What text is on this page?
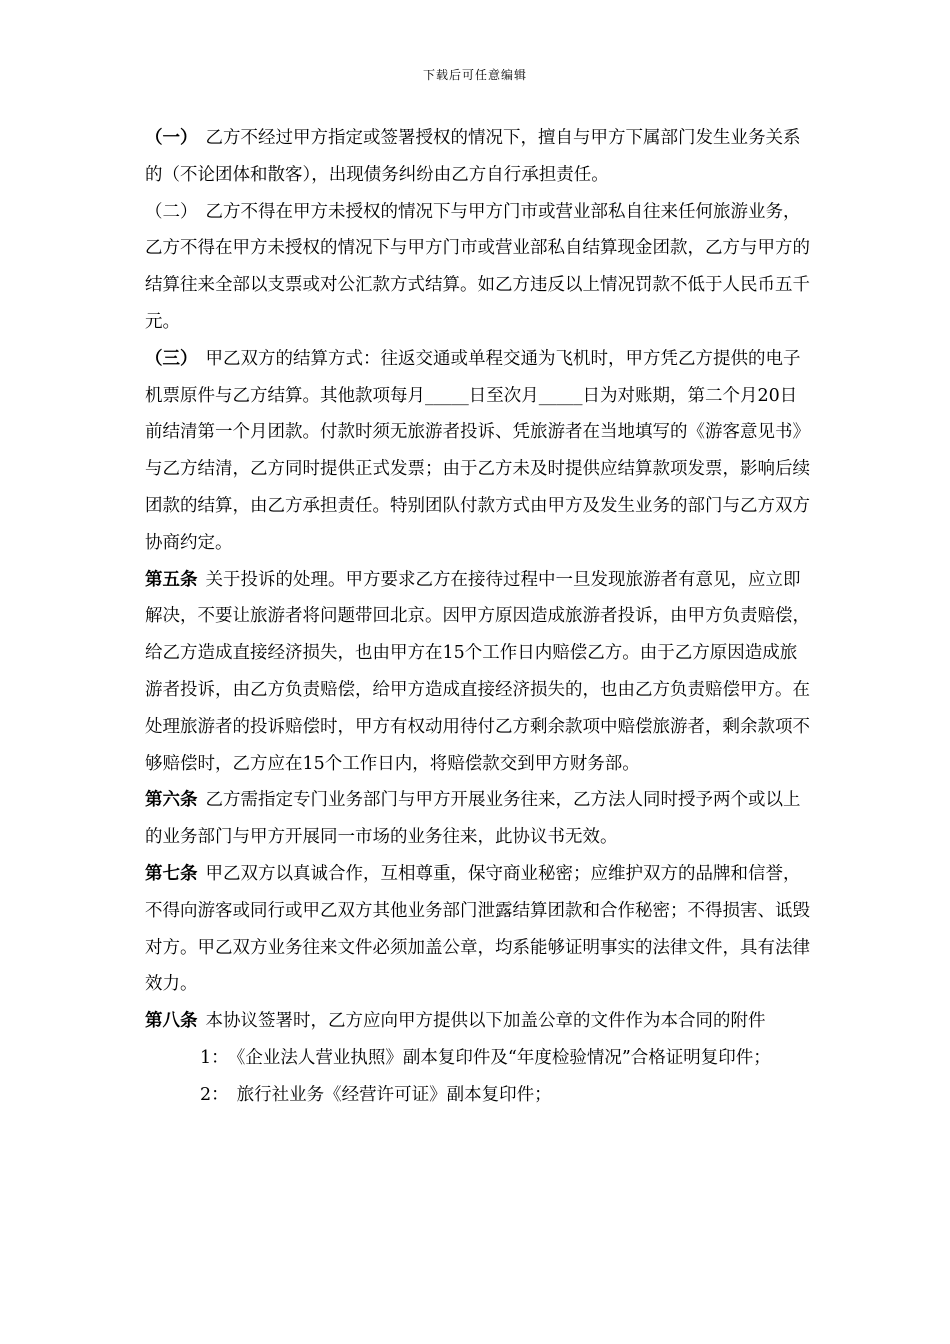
下载后可任意编辑

（一） 乙方不经过甲方指定或签署授权的情况下，擅自与甲方下属部门发生业务关系的（不论团体和散客），出现债务纠纷由乙方自行承担责任。

（二） 乙方不得在甲方未授权的情况下与甲方门市或营业部私自往来任何旅游业务，乙方不得在甲方未授权的情况下与甲方门市或营业部私自结算现金团款，乙方与甲方的结算往来全部以支票或对公汇款方式结算。如乙方违反以上情况罚款不低于人民币五千元。

（三） 甲乙双方的结算方式：往返交通或单程交通为飞机时，甲方凭乙方提供的电子机票原件与乙方结算。其他款项每月_____日至次月_____日为对账期，第二个月20日前结清第一个月团款。付款时须无旅游者投诉、凭旅游者在当地填写的《游客意见书》与乙方结清，乙方同时提供正式发票；由于乙方未及时提供应结算款项发票，影响后续团款的结算，由乙方承担责任。特别团队付款方式由甲方及发生业务的部门与乙方双方协商约定。

第五条 关于投诉的处理。甲方要求乙方在接待过程中一旦发现旅游者有意见，应立即解决，不要让旅游者将问题带回北京。因甲方原因造成旅游者投诉，由甲方负责赔偿，给乙方造成直接经济损失，也由甲方在15个工作日内赔偿乙方。由于乙方原因造成旅游者投诉，由乙方负责赔偿，给甲方造成直接经济损失的，也由乙方负责赔偿甲方。在处理旅游者的投诉赔偿时，甲方有权动用待付乙方剩余款项中赔偿旅游者，剩余款项不够赔偿时，乙方应在15个工作日内，将赔偿款交到甲方财务部。

第六条 乙方需指定专门业务部门与甲方开展业务往来，乙方法人同时授予两个或以上的业务部门与甲方开展同一市场的业务往来，此协议书无效。

第七条 甲乙双方以真诚合作，互相尊重，保守商业秘密；应维护双方的品牌和信誉，不得向游客或同行或甲乙双方其他业务部门泄露结算团款和合作秘密；不得损害、诋毁对方。甲乙双方业务往来文件必须加盖公章，均系能够证明事实的法律文件，具有法律效力。

第八条 本协议签署时，乙方应向甲方提供以下加盖公章的文件作为本合同的附件

1： 《企业法人营业执照》副本复印件及“年度检验情况”合格证明复印件；

2： 旅行社业务《经营许可证》副本复印件；
